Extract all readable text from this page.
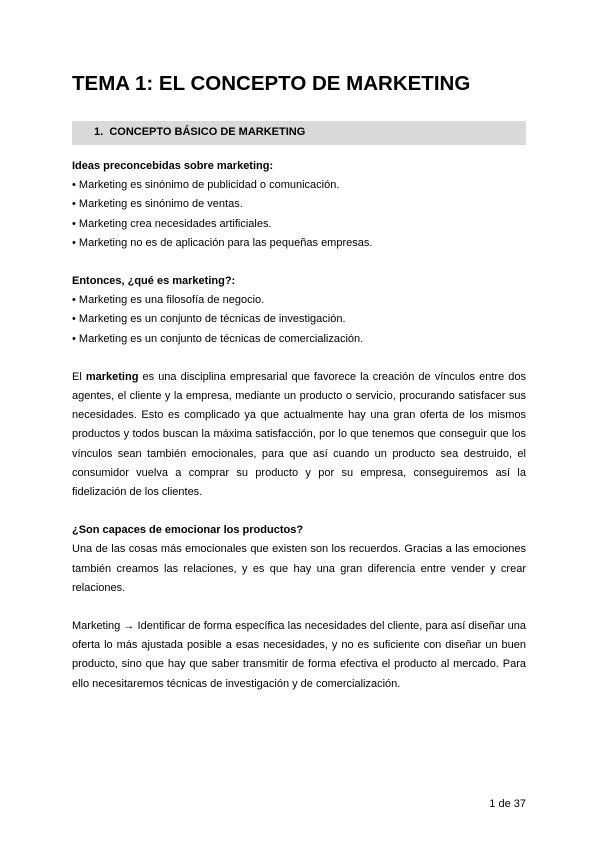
TEMA 1: EL CONCEPTO DE MARKETING
1. CONCEPTO BÁSICO DE MARKETING
Ideas preconcebidas sobre marketing:
• Marketing es sinónimo de publicidad o comunicación.
• Marketing es sinónimo de ventas.
• Marketing crea necesidades artificiales.
• Marketing no es de aplicación para las pequeñas empresas.
Entonces, ¿qué es marketing?:
• Marketing es una filosofía de negocio.
• Marketing es un conjunto de técnicas de investigación.
• Marketing es un conjunto de técnicas de comercialización.

El marketing es una disciplina empresarial que favorece la creación de vínculos entre dos agentes, el cliente y la empresa, mediante un producto o servicio, procurando satisfacer sus necesidades. Esto es complicado ya que actualmente hay una gran oferta de los mismos productos y todos buscan la máxima satisfacción, por lo que tenemos que conseguir que los vínculos sean también emocionales, para que así cuando un producto sea destruido, el consumidor vuelva a comprar su producto y por su empresa, conseguiremos así la fidelización de los clientes.

¿Son capaces de emocionar los productos?

Una de las cosas más emocionales que existen son los recuerdos. Gracias a las emociones también creamos las relaciones, y es que hay una gran diferencia entre vender y crear relaciones.

Marketing → Identificar de forma específica las necesidades del cliente, para así diseñar una oferta lo más ajustada posible a esas necesidades, y no es suficiente con diseñar un buen producto, sino que hay que saber transmitir de forma efectiva el producto al mercado. Para ello necesitaremos técnicas de investigación y de comercialización.

1 de 37
